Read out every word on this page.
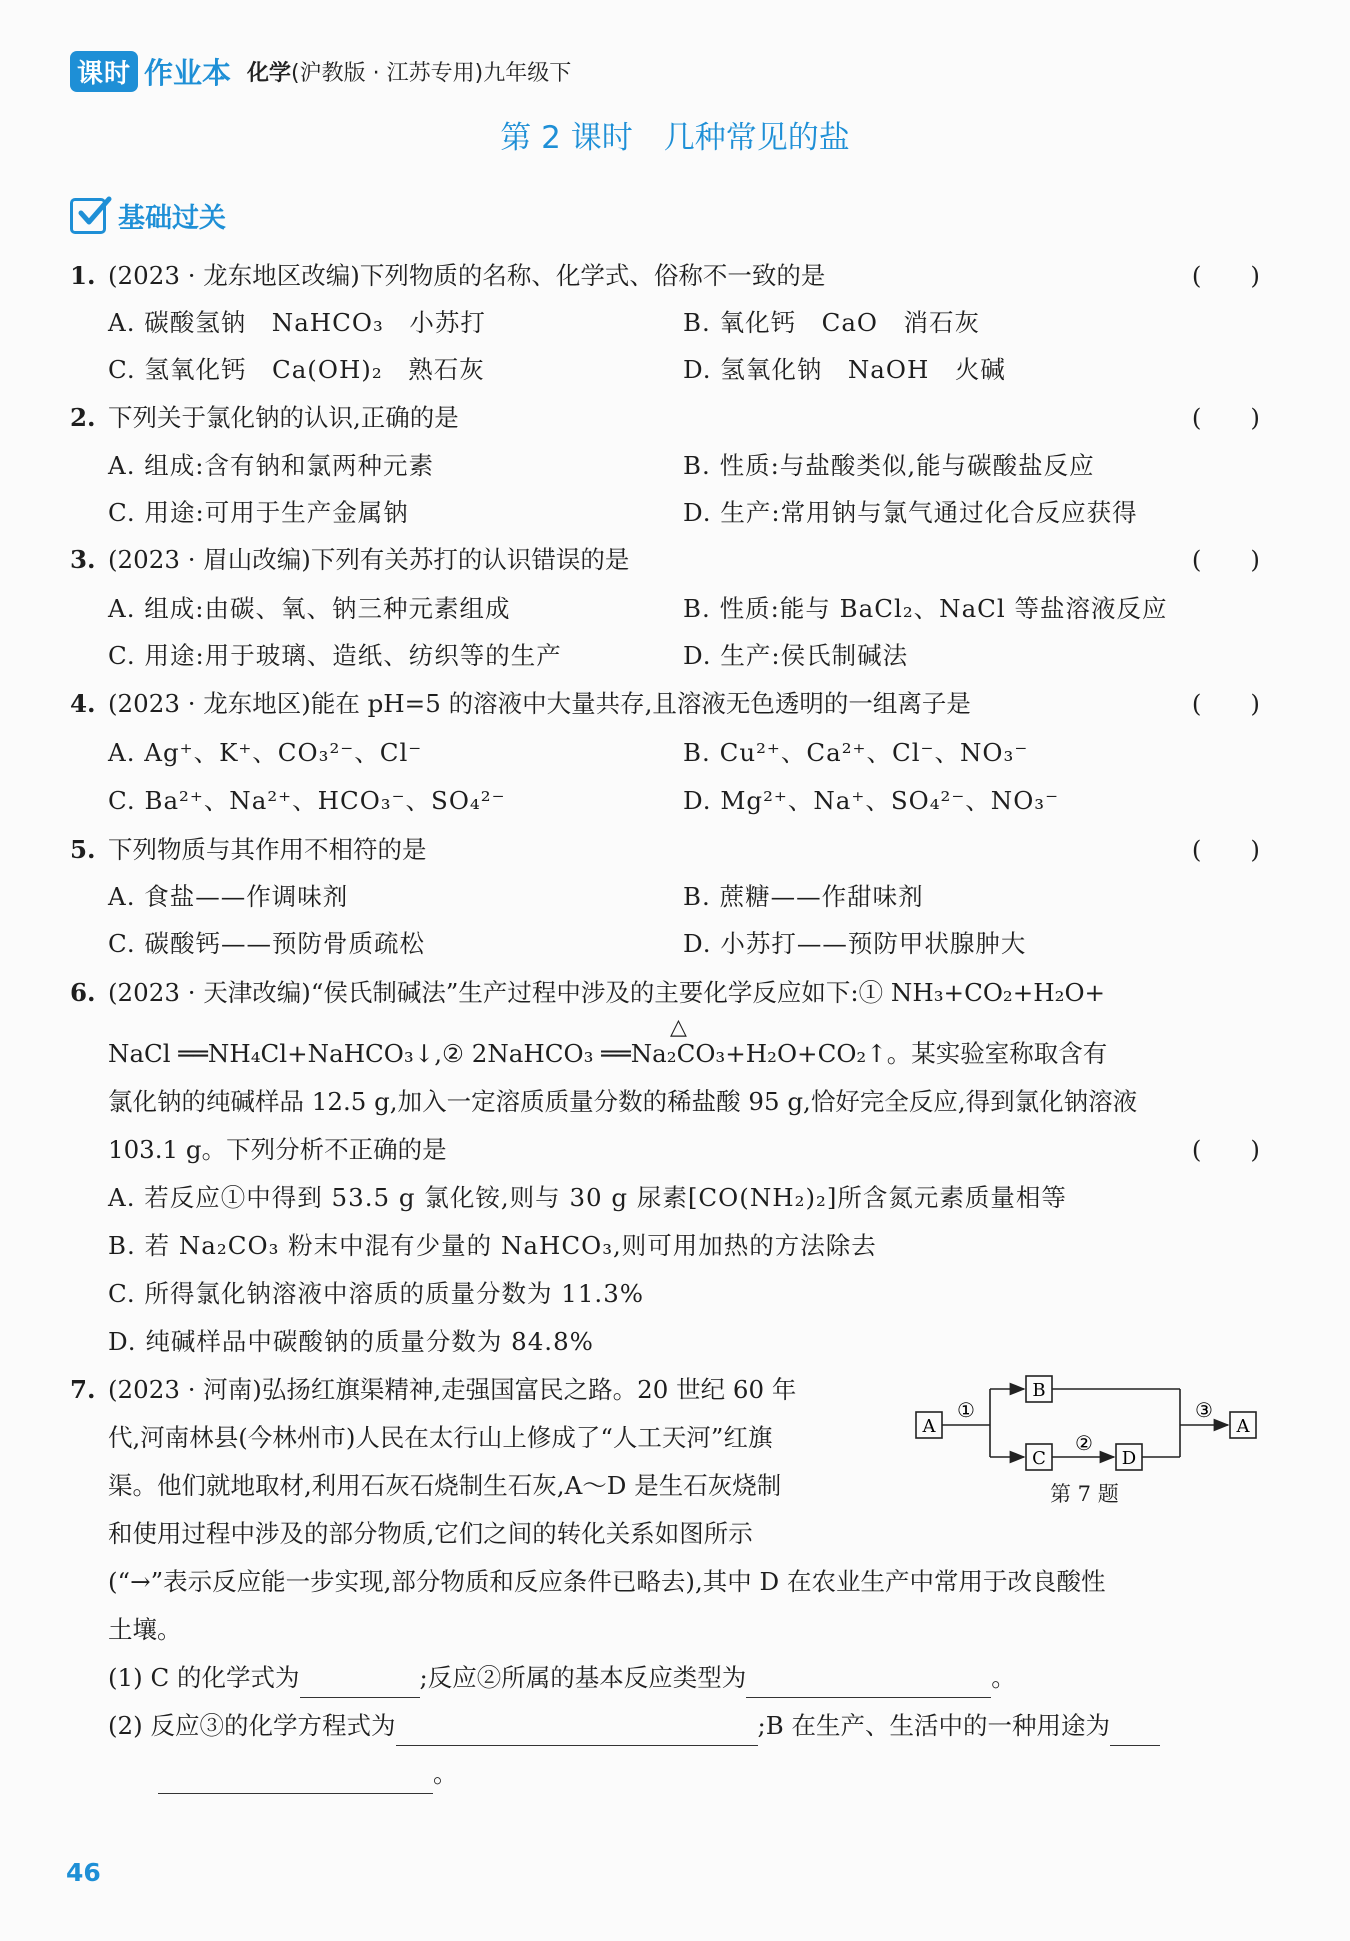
课时 作业本 化学(沪教版 · 江苏专用)九年级下
第 2 课时　几种常见的盐
基础过关
1. (2023 · 龙东地区改编)下列物质的名称、化学式、俗称不一致的是	(　　)
A. 碳酸氢钠　NaHCO₃　小苏打	B. 氧化钙　CaO　消石灰
C. 氢氧化钙　Ca(OH)₂　熟石灰	D. 氢氧化钠　NaOH　火碱
2. 下列关于氯化钠的认识,正确的是	(　　)
A. 组成:含有钠和氯两种元素	B. 性质:与盐酸类似,能与碳酸盐反应
C. 用途:可用于生产金属钠	D. 生产:常用钠与氯气通过化合反应获得
3. (2023 · 眉山改编)下列有关苏打的认识错误的是	(　　)
A. 组成:由碳、氧、钠三种元素组成	B. 性质:能与 BaCl₂、NaCl 等盐溶液反应
C. 用途:用于玻璃、造纸、纺织等的生产	D. 生产:侯氏制碱法
4. (2023 · 龙东地区)能在 pH=5 的溶液中大量共存,且溶液无色透明的一组离子是	(　　)
A. Ag⁺、K⁺、CO₃²⁻、Cl⁻	B. Cu²⁺、Ca²⁺、Cl⁻、NO₃⁻
C. Ba²⁺、Na²⁺、HCO₃⁻、SO₄²⁻	D. Mg²⁺、Na⁺、SO₄²⁻、NO₃⁻
5. 下列物质与其作用不相符的是	(　　)
A. 食盐——作调味剂	B. 蔗糖——作甜味剂
C. 碳酸钙——预防骨质疏松	D. 小苏打——预防甲状腺肿大
6. (2023 · 天津改编)“侯氏制碱法”生产过程中涉及的主要化学反应如下:① NH₃+CO₂+H₂O+
NaCl ══NH₄Cl+NaHCO₃↓,② 2NaHCO₃ ══Na₂CO₃+H₂O+CO₂↑。某实验室称取含有
△
氯化钠的纯碱样品 12.5 g,加入一定溶质质量分数的稀盐酸 95 g,恰好完全反应,得到氯化钠溶液
103.1 g。下列分析不正确的是	(　　)
A. 若反应①中得到 53.5 g 氯化铵,则与 30 g 尿素[CO(NH₂)₂]所含氮元素质量相等
B. 若 Na₂CO₃ 粉末中混有少量的 NaHCO₃,则可用加热的方法除去
C. 所得氯化钠溶液中溶质的质量分数为 11.3%
D. 纯碱样品中碳酸钠的质量分数为 84.8%
7. (2023 · 河南)弘扬红旗渠精神,走强国富民之路。20 世纪 60 年
代,河南林县(今林州市)人民在太行山上修成了“人工天河”红旗
渠。他们就地取材,利用石灰石烧制生石灰,A～D 是生石灰烧制
和使用过程中涉及的部分物质,它们之间的转化关系如图所示
(“→”表示反应能一步实现,部分物质和反应条件已略去),其中 D 在农业生产中常用于改良酸性
土壤。
(1) C 的化学式为	;反应②所属的基本反应类型为	。
(2) 反应③的化学方程式为	;B 在生产、生活中的一种用途为
。
A
B
C	D
A
①
②
③
第 7 题
46
